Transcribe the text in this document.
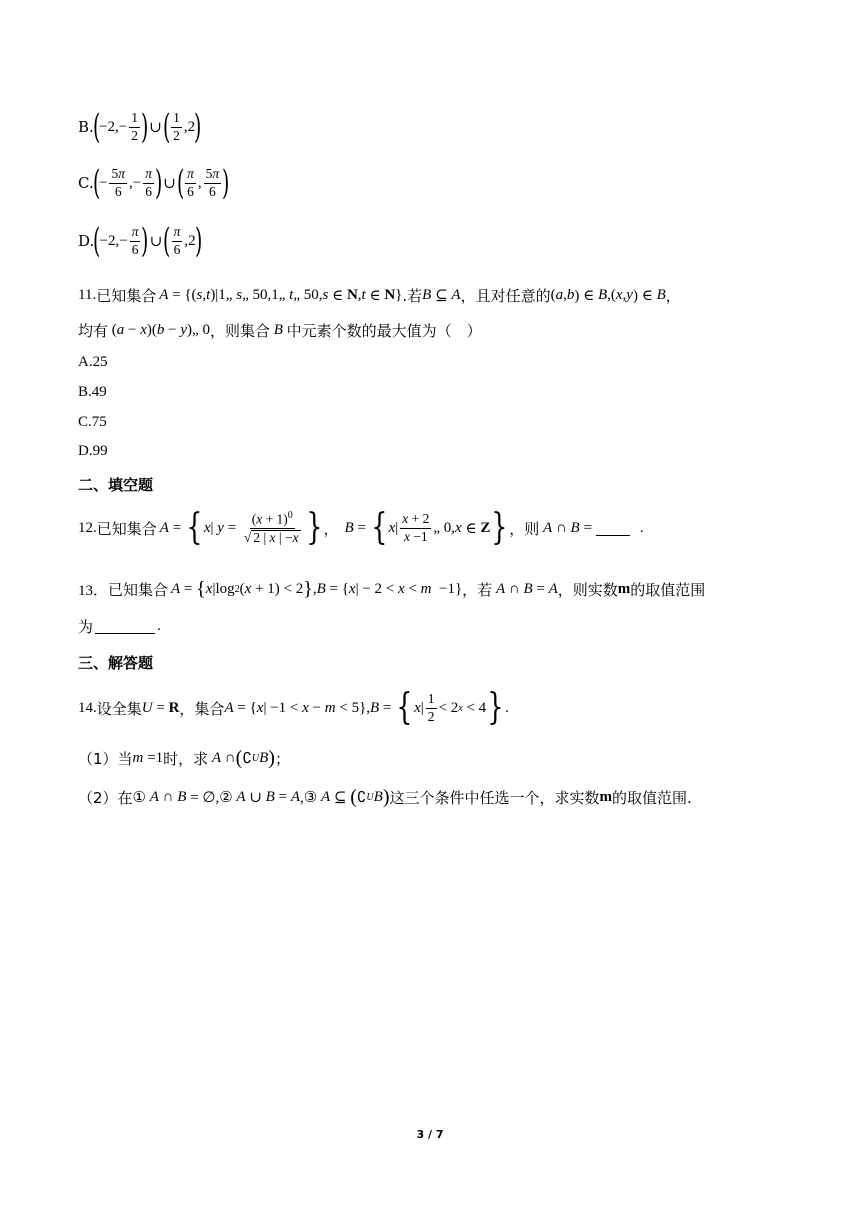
B.
(
$-2,- \frac{1}{2}$ ) ∪ ( $\frac{1}{2} ,2$
)
C.
(
− $\frac{5\pi}{6}$ ,− $\frac{\pi}{6}$ ) ∪ ( $\frac{\pi}{6}$ , $\frac{5\pi}{6}$ )
D.
(
$-2,- \frac{\pi}{6}$ ) ∪ ( $\frac{\pi}{6} ,2$
)
11. 已知集合 A = {( s , t )|1„ s „ 50,1„ t „ 50, s ∈ N , t ∈ N } .若 B ⊆ A ，且对任意的 ( a , b ) ∈ B ,( x , y ) ∈ B ，
均有 ( a − x )( b − y )„ 0 ，则集合 B 中元素个数的最大值为（　）
A.25
B.49
C.75
D.99
二、填空题
12. 已知集合 A = { x | $y = \frac{(x + 1)^0}{√ 2 | x | -x}$ } ， B = { x | $\frac{x + 2}{x -1}$ „ 0, x ∈ Z } ，则 A ∩ B =	.
13． 已知集合 A = { x |log 2 ( x + 1) < 2 } , B = { x | − 2 < x < m −1} ，若 A ∩ B = A ，则实数 m 的取值范围
为	.
三、解答题
14. 设全集 U = R ，集合 A = { x | −1 < x − m < 5}, B = { x | $\frac{1}{2} < 2$ x < 4 } .
（1）当 m =1 时，求 A ∩ ( ∁ U B ) ；
（2）在 ① A ∩ B = ∅,② A ∪ B = A ,③ A ⊆ ( ∁ U B ) 这三个条件中任选一个，求实数 m 的取值范围.
3 / 7
